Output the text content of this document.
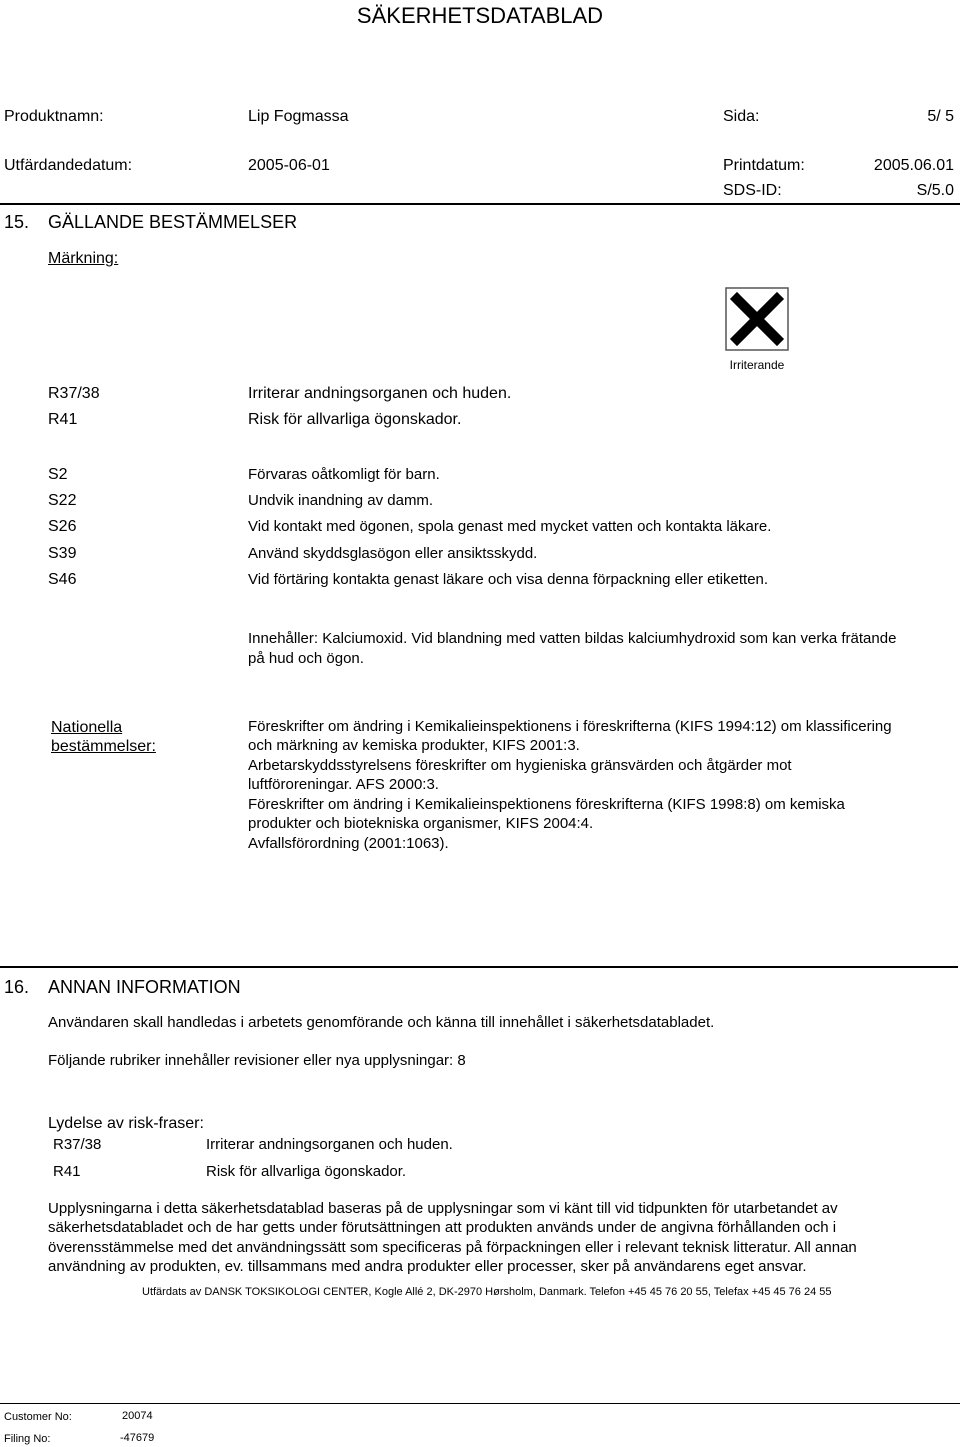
SÄKERHETSDATABLAD
Produktnamn:	Lip Fogmassa	Sida:	5/ 5
Utfärdandedatum:	2005-06-01	Printdatum:	2005.06.01
SDS-ID:	S/5.0
15. GÄLLANDE BESTÄMMELSER
Märkning:
Irriterande
R37/38	Irriterar andningsorganen och huden.
R41	Risk för allvarliga ögonskador.
S2	Förvaras oåtkomligt för barn.
S22	Undvik inandning av damm.
S26	Vid kontakt med ögonen, spola genast med mycket vatten och kontakta läkare.
S39	Använd skyddsglasögon eller ansiktsskydd.
S46	Vid förtäring kontakta genast läkare och visa denna förpackning eller etiketten.
Innehåller: Kalciumoxid. Vid blandning med vatten bildas kalciumhydroxid som kan verka frätande
på hud och ögon.
Nationella
bestämmelser:
Föreskrifter om ändring i Kemikalieinspektionens i föreskrifterna (KIFS 1994:12) om klassificering
och märkning av kemiska produkter, KIFS 2001:3.
Arbetarskyddsstyrelsens föreskrifter om hygieniska gränsvärden och åtgärder mot
luftföroreningar. AFS 2000:3.
Föreskrifter om ändring i Kemikalieinspektionens föreskrifterna (KIFS 1998:8) om kemiska
produkter och biotekniska organismer, KIFS 2004:4.
Avfallsförordning (2001:1063).
16. ANNAN INFORMATION
Användaren skall handledas i arbetets genomförande och känna till innehållet i säkerhetsdatabladet.
Följande rubriker innehåller revisioner eller nya upplysningar: 8
Lydelse av risk-fraser:
R37/38	Irriterar andningsorganen och huden.
R41	Risk för allvarliga ögonskador.
Upplysningarna i detta säkerhetsdatablad baseras på de upplysningar som vi känt till vid tidpunkten för utarbetandet av
säkerhetsdatabladet och de har getts under förutsättningen att produkten används under de angivna förhållanden och i
överensstämmelse med det användningssätt som specificeras på förpackningen eller i relevant teknisk litteratur. All annan
användning av produkten, ev. tillsammans med andra produkter eller processer, sker på användarens eget ansvar.
Utfärdats av DANSK TOKSIKOLOGI CENTER, Kogle Allé 2, DK-2970 Hørsholm, Danmark. Telefon +45 45 76 20 55, Telefax +45 45 76 24 55
Customer No:	20074
Filing No:	-47679
